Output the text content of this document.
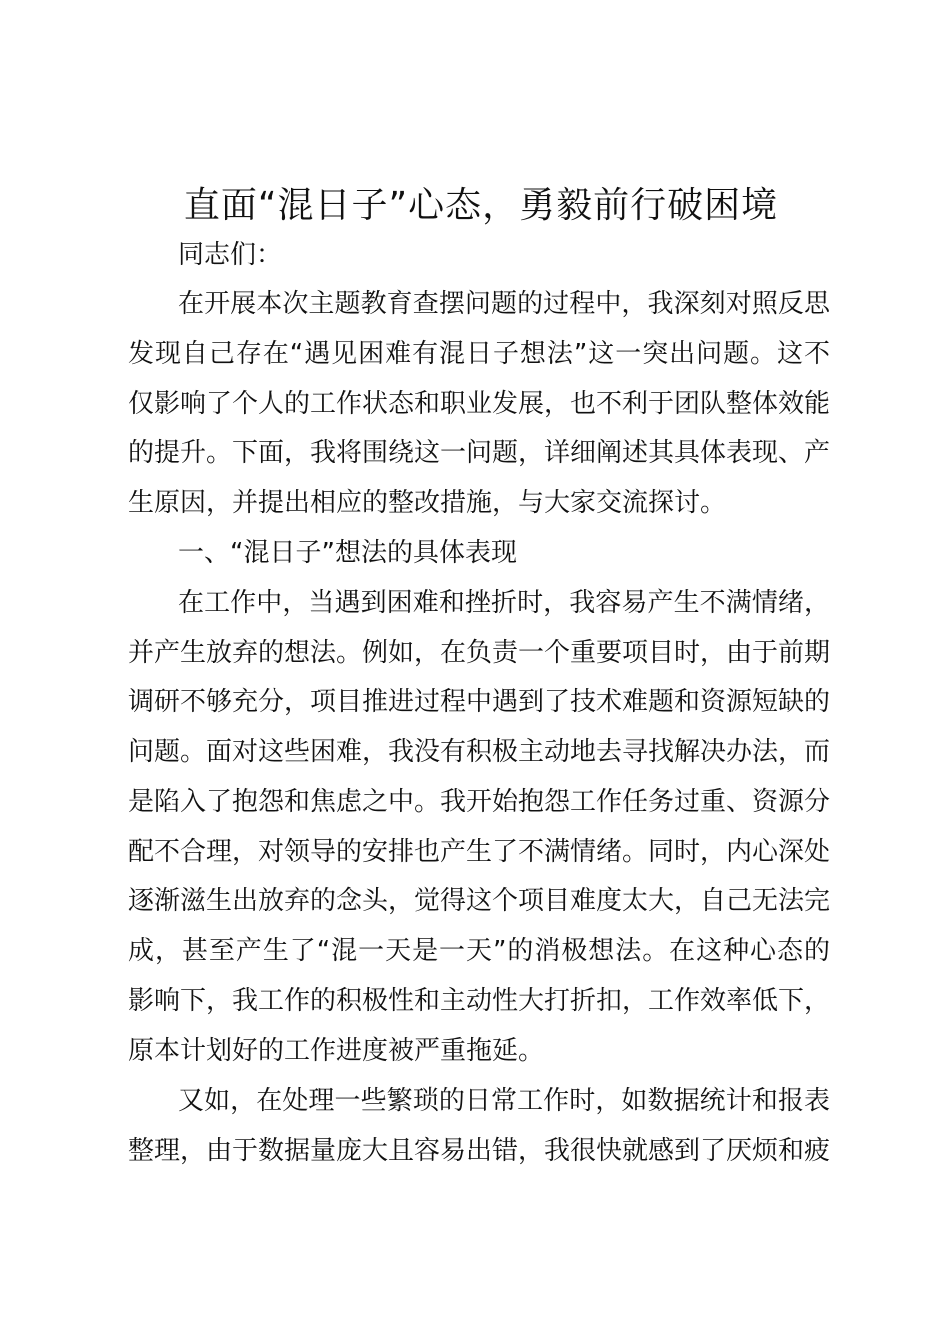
直面“混日子”心态，勇毅前行破困境
同志们：
在开展本次主题教育查摆问题的过程中，我深刻对照反思
发现自己存在“遇见困难有混日子想法”这一突出问题。这不
仅影响了个人的工作状态和职业发展，也不利于团队整体效能
的提升。下面，我将围绕这一问题，详细阐述其具体表现、产
生原因，并提出相应的整改措施，与大家交流探讨。
一、“混日子”想法的具体表现
在工作中，当遇到困难和挫折时，我容易产生不满情绪，
并产生放弃的想法。例如，在负责一个重要项目时，由于前期
调研不够充分，项目推进过程中遇到了技术难题和资源短缺的
问题。面对这些困难，我没有积极主动地去寻找解决办法，而
是陷入了抱怨和焦虑之中。我开始抱怨工作任务过重、资源分
配不合理，对领导的安排也产生了不满情绪。同时，内心深处
逐渐滋生出放弃的念头，觉得这个项目难度太大，自己无法完
成，甚至产生了“混一天是一天”的消极想法。在这种心态的
影响下，我工作的积极性和主动性大打折扣，工作效率低下，
原本计划好的工作进度被严重拖延。
又如，在处理一些繁琐的日常工作时，如数据统计和报表
整理，由于数据量庞大且容易出错，我很快就感到了厌烦和疲
